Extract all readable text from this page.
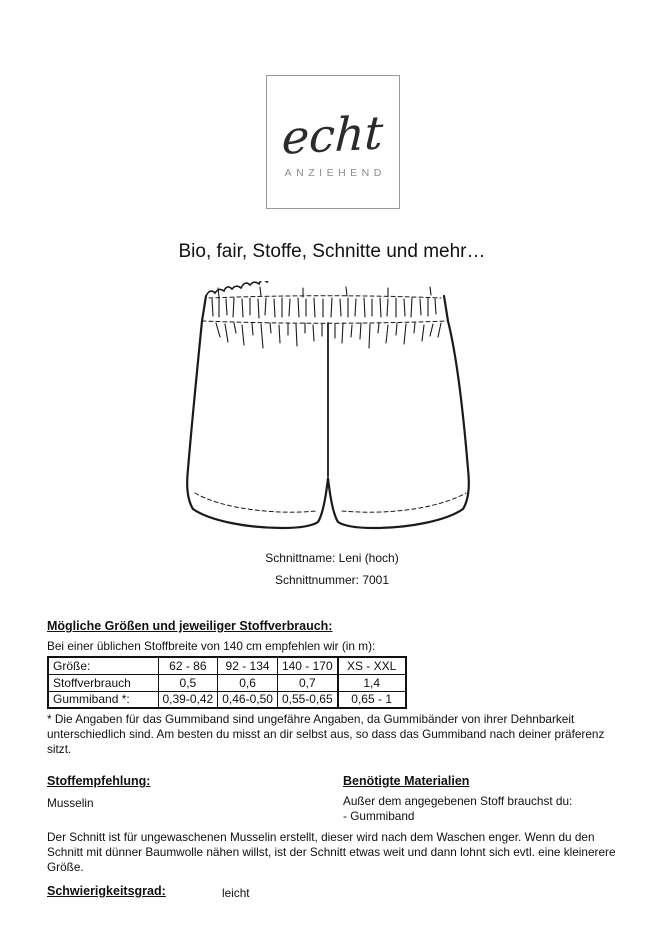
echt
ANZIEHEND
Bio, fair, Stoffe, Schnitte und mehr…
Schnittname: Leni (hoch)
Schnittnummer: 7001
Mögliche Größen und jeweiliger Stoffverbrauch:
Bei einer üblichen Stoffbreite von 140 cm empfehlen wir (in m):
Größe:	62 - 86	92 - 134	140 - 170	XS - XXL
Stoffverbrauch	0,5	0,6	0,7	1,4
Gummiband *:	0,39-0,42	0,46-0,50	0,55-0,65	0,65 - 1
* Die Angaben für das Gummiband sind ungefähre Angaben, da Gummibänder von ihrer Dehnbarkeit unterschiedlich sind. Am besten du misst an dir selbst aus, so dass das Gummiband nach deiner präferenz sitzt.
Stoffempfehlung:
Musselin
Benötigte Materialien
Außer dem angegebenen Stoff brauchst du:
- Gummiband
Der Schnitt ist für ungewaschenen Musselin erstellt, dieser wird nach dem Waschen enger. Wenn du den Schnitt mit dünner Baumwolle nähen willst, ist der Schnitt etwas weit und dann lohnt sich evtl. eine kleinerere Größe.
Schwierigkeitsgrad:	leicht
